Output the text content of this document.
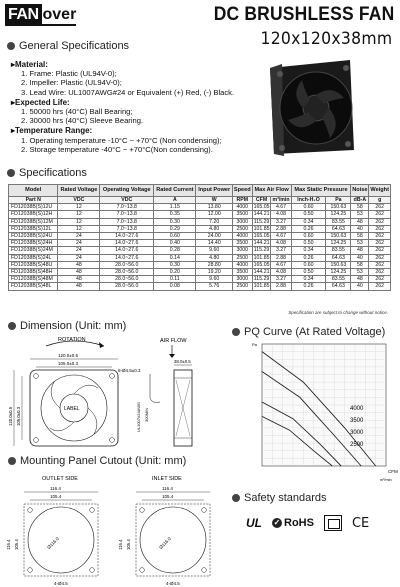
FAN over	DC BRUSHLESS FAN
120x120x38mm
General Specifications
▸ Material:
1. Frame: Plastic (UL94V-0);
2. Impeller: Plastic (UL94V-0);
3. Lead Wire: UL1007AWG#24 or Equivalent (+) Red, (-) Black.
▸ Expected Life:
1. 50000 hrs (40°C) Ball Bearing;
2. 30000 hrs (40°C) Sleeve Bearing.
▸ Temperature Range:
1. Operating temperature -10°C ~ +70°C (Non condensing);
2. Storage temperature -40°C ~ +70°C(Non condensing).
Specifications
Model	Rated Voltage	Operating Voltage	Rated Current	Input Power	Speed	Max Air Flow		Max Static Pressure		Noise	Weight
Part N	VDC	VDC	A	W	RPM	CFM	m³/min	Inch-H₂O	Pa	dB-A	g
FD12038B(S)12U	12	7.0~13.8	1.15	13.80	4000	165.05	4.67	0.60	150.63	58	262
FD12038B(S)12H	12	7.0~13.8	0.35	12.00	3500	144.21	4.08	0.50	124.25	53	262
FD12038B(S)12M	12	7.0~13.8	0.30	7.20	3000	115.29	3.27	0.34	83.55	48	262
FD12038B(S)12L	12	7.0~13.8	0.29	4.80	2500	101.85	2.88	0.26	64.63	40	262
FD12038B(S)24U	24	14.0~27.6	0.60	24.00	4000	165.05	4.67	0.60	150.63	58	262
FD12038B(S)24H	24	14.0~27.6	0.40	14.40	3500	144.21	4.08	0.50	124.25	53	262
FD12038B(S)24M	24	14.0~27.6	0.28	9.60	3000	115.29	3.27	0.34	83.55	48	262
FD12038B(S)24L	24	14.0~27.6	0.14	4.80	2500	101.85	2.88	0.26	64.63	40	262
FD12038B(S)48U	48	28.0~56.0	0.30	28.80	4000	165.05	4.67	0.60	150.63	58	262
FD12038B(S)48H	48	28.0~56.0	0.20	19.20	3500	144.21	4.08	0.50	124.25	53	262
FD12038B(S)48M	48	28.0~56.0	0.11	9.60	3000	115.29	3.27	0.34	83.55	48	262
FD12038B(S)48L	48	28.0~56.0	0.08	5.76	2500	101.85	2.88	0.26	64.63	40	262
Specification are subject to change without notice.
Dimension (Unit: mm)
ROTATION
120.0±0.5
105.0±0.3
8-Ø4.5±0.3
LABEL
120.0±0.5 105.0±0.3
AIR FLOW
38.0±0.5
UL1007#24AWG 300MIN
PQ Curve (At Rated Voltage)
4000
3500
3000
2500
CFM
m³/min
Pa
Mounting Panel Cutout (Unit: mm)
OUTLET SIDE	INLET SIDE
116.4
105.4
Ø116.0
116.4 105.4
4-Ø4.5
116.4
105.4
Ø116.0
116.4 105.4
4-Ø4.5
Safety standards
UL ✓ RoHS	CE
